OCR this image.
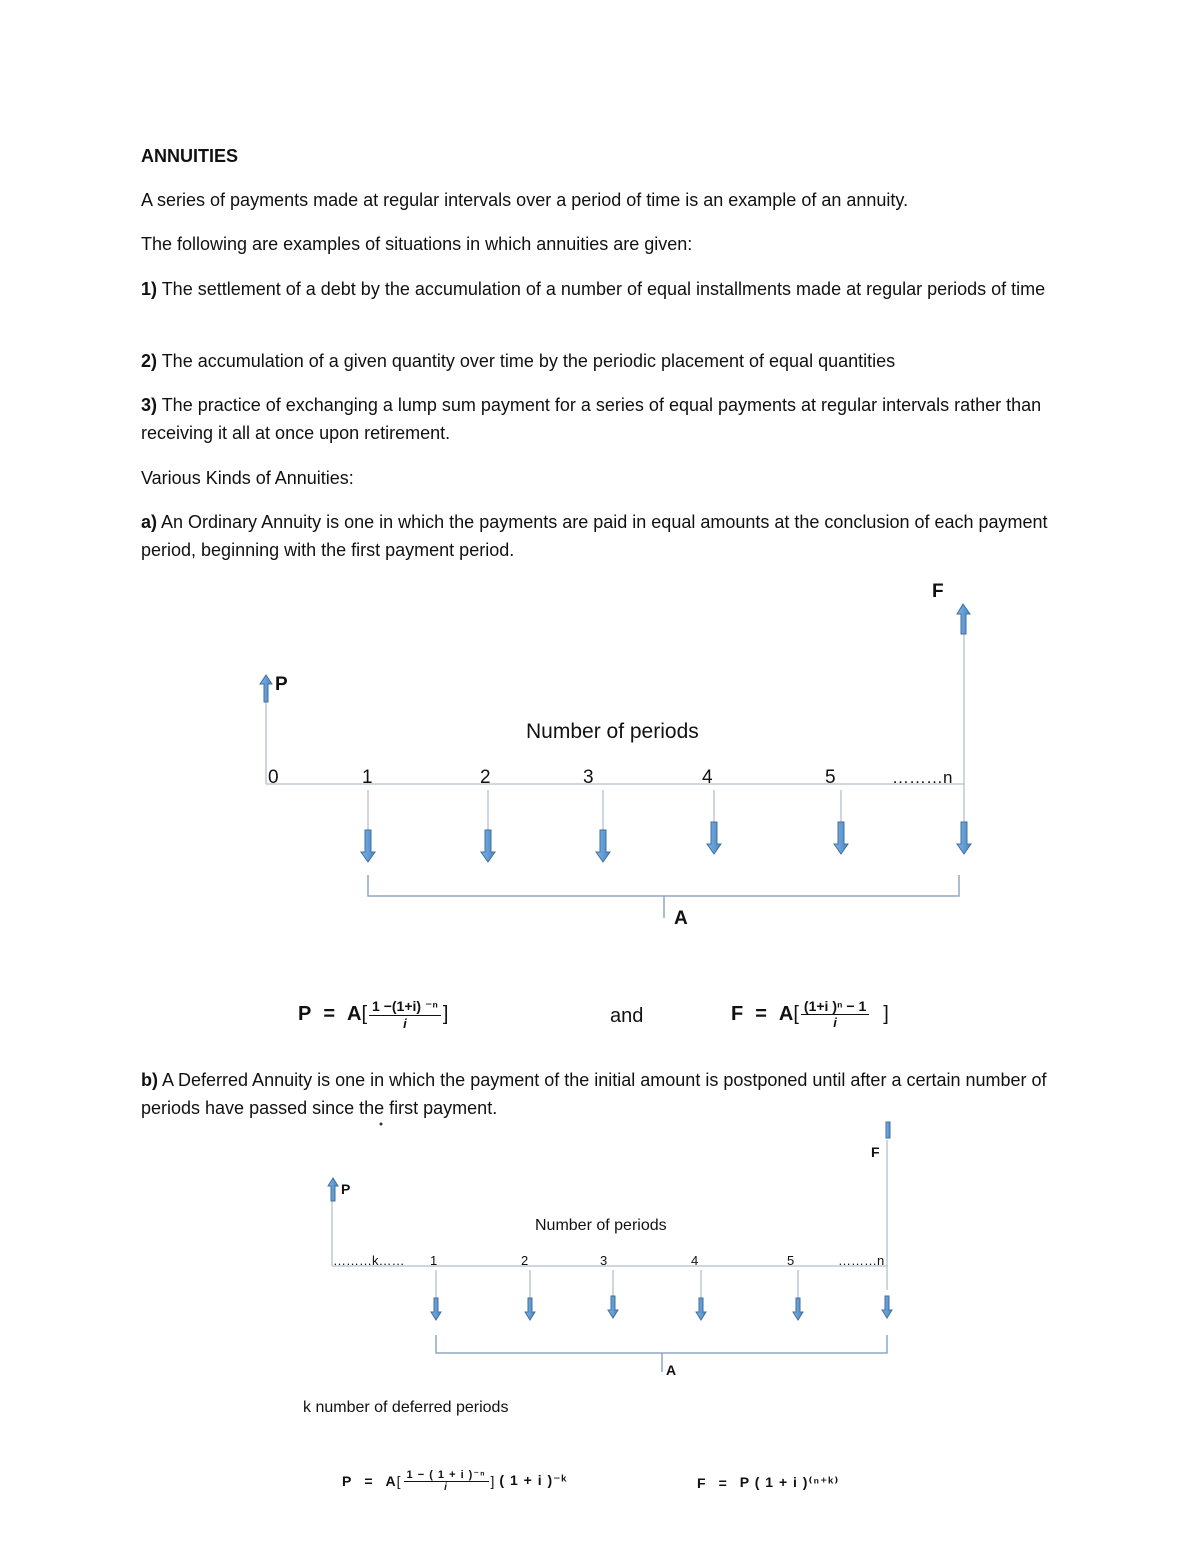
ANNUITIES

A series of payments made at regular intervals over a period of time is an example of an annuity.

The following are examples of situations in which annuities are given:

1) The settlement of a debt by the accumulation of a number of equal installments made at regular periods of time

2) The accumulation of a given quantity over time by the periodic placement of equal quantities

3) The practice of exchanging a lump sum payment for a series of equal payments at regular intervals rather than receiving it all at once upon retirement.

Various Kinds of Annuities:

a) An Ordinary Annuity is one in which the payments are paid in equal amounts at the conclusion of each payment period, beginning with the first payment period.

P
F
Number of periods
0	1	2	3	4	5	………n
A
P = A [ $\frac{\text{1 −(1+i) ⁻ⁿ}}{i}$ ]	and	F = A [ $\frac{\text{(1+i )ⁿ − 1}}{i}$ ]

b) A Deferred Annuity is one in which the payment of the initial amount is postponed until after a certain number of periods have passed since the first payment.

P
F
Number of periods
………k…… 1	2	3	4	5	………n
A
k number of deferred periods
P = A [ $\frac{\text{1 − ( 1 + i )⁻ⁿ}}{i}$ ] ( 1 + i )⁻ᵏ	F = P ( 1 + i )⁽ⁿ⁺ᵏ⁾
